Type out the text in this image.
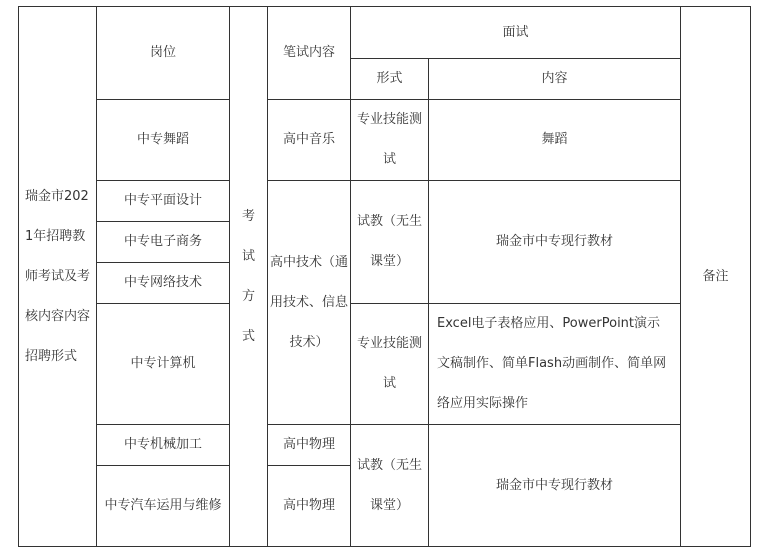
瑞金市2021年招聘教师考试及考核内容内容招聘形式	岗位	考试方式	笔试内容	面试		备注
				形式	内容	
	中专舞蹈		高中音乐	专业技能测试	舞蹈	
	中专平面设计		高中技术（通用技术、信息技术）	试教（无生课堂）	瑞金市中专现行教材	
	中专电子商务					
	中专网络技术					
	中专计算机			专业技能测试	Excel电子表格应用、PowerPoint演示文稿制作、简单Flash动画制作、简单网络应用实际操作	
	中专机械加工		高中物理	试教（无生课堂）	瑞金市中专现行教材	
	中专汽车运用与维修		高中物理			
